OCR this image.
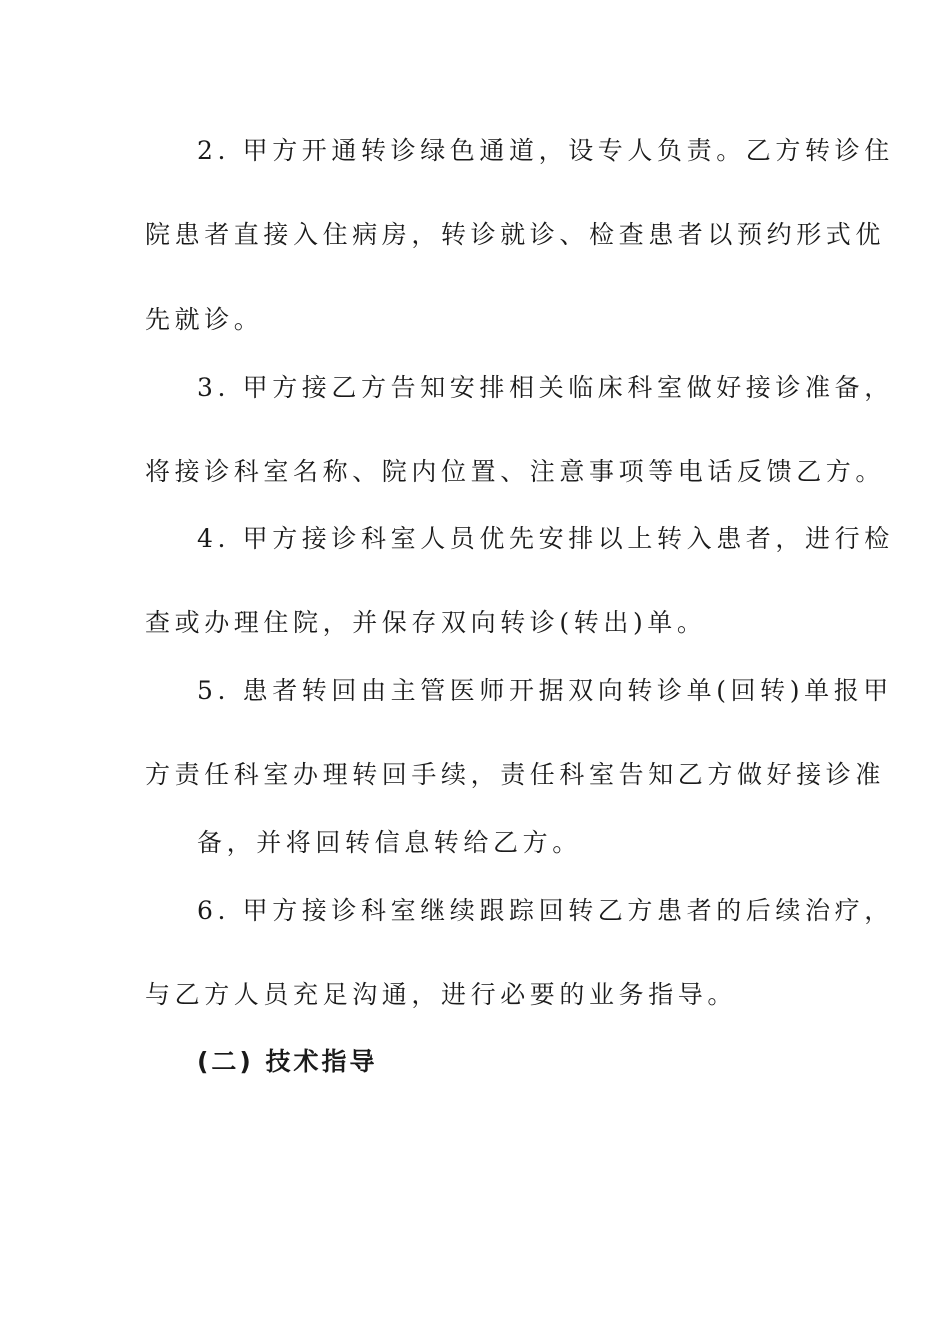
2. 甲方开通转诊绿色通道，设专人负责。乙方转诊住
院患者直接入住病房，转诊就诊、检查患者以预约形式优
先就诊。
3. 甲方接乙方告知安排相关临床科室做好接诊准备，
将接诊科室名称、院内位置、注意事项等电话反馈乙方。
4. 甲方接诊科室人员优先安排以上转入患者，进行检
查或办理住院，并保存双向转诊(转出)单。
5. 患者转回由主管医师开据双向转诊单(回转)单报甲
方责任科室办理转回手续，责任科室告知乙方做好接诊准
备，并将回转信息转给乙方。
6. 甲方接诊科室继续跟踪回转乙方患者的后续治疗，
与乙方人员充足沟通，进行必要的业务指导。
(二) 技术指导
